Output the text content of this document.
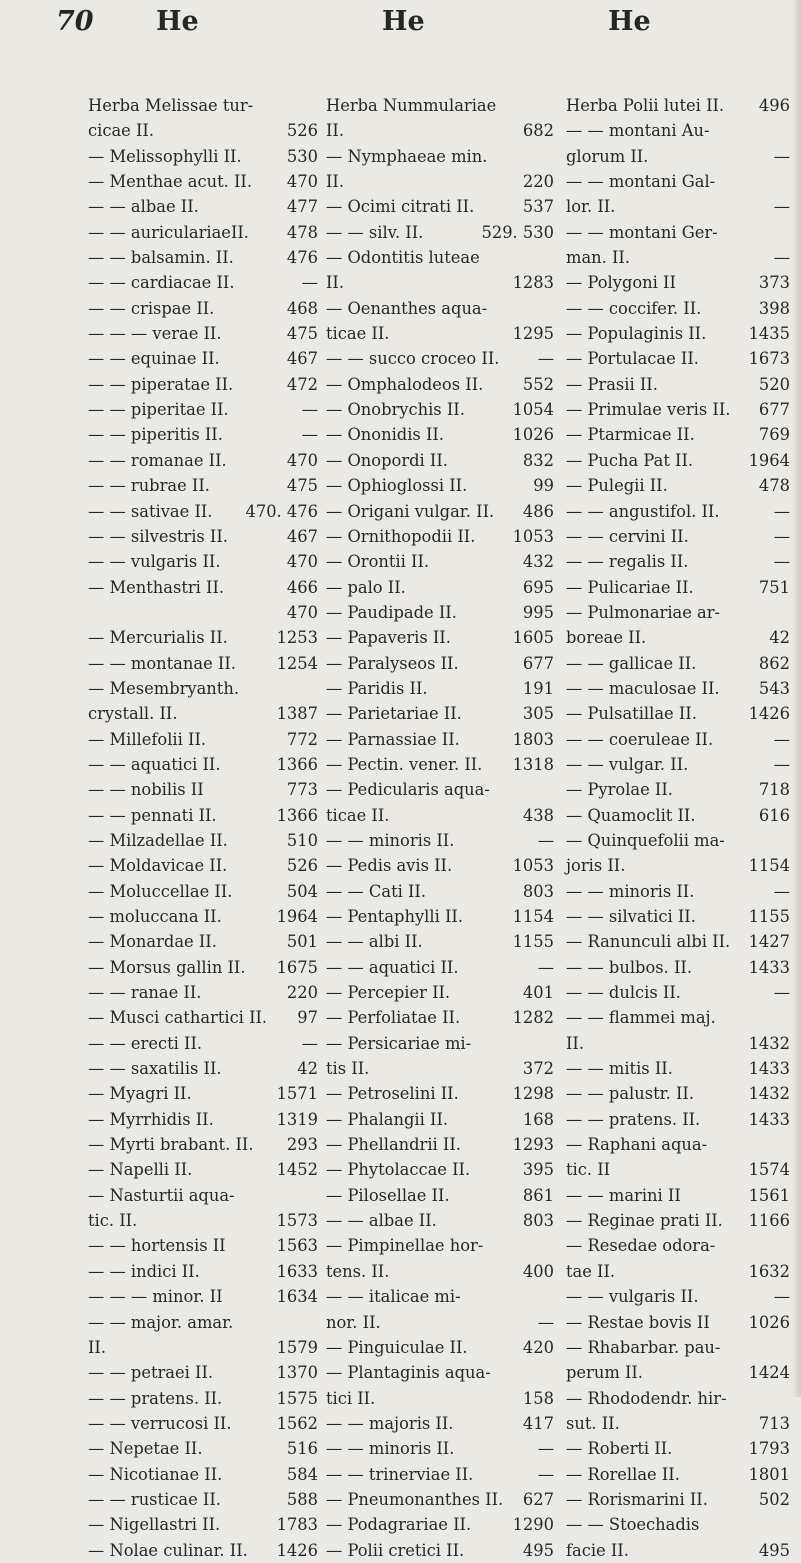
70 He	He	He
Herba Melissae tur-
cicae II.	526
— Melissophylli II.	530
— Menthae acut. II. 470
— — albae II.	477
— — auriculariaeII. 478
— — balsamin. II.	476
— — cardiacae II.	—
— — crispae II.	468
— — — verae II.	475
— — equinae II.	467
— — piperatae II.	472
— — piperitae II.	—
— — piperitis II.	—
— — romanae II.	470
— — rubrae II.	475
— — sativae II. 470. 476
— — silvestris II.	467
— — vulgaris II.	470
— Menthastri II.	466
470
— Mercurialis II.	1253
— — montanae II. 1254
— Mesembryanth.
crystall. II.	1387
— Millefolii II.	772
— — aquatici II.	1366
— — nobilis II	773
— — pennati II.	1366
— Milzadellae II.	510
— Moldavicae II.	526
— Moluccellae II.	504
— moluccana II.	1964
— Monardae II.	501
— Morsus gallin II. 1675
— — ranae II.	220
— Musci cathartici II. 97
— — erecti II.	—
— — saxatilis II.	42
— Myagri II.	1571
— Myrrhidis II.	1319
— Myrti brabant. II. 293
— Napelli II.	1452
— Nasturtii aqua-
tic. II.	1573
— — hortensis II	1563
— — indici II.	1633
— — — minor. II	1634
— — major. amar.
II.	1579
— — petraei II.	1370
— — pratens. II.	1575
— — verrucosi II.	1562
— Nepetae II.	516
— Nicotianae II.	584
— — rusticae II.	588
— Nigellastri II.	1783
— Nolae culinar. II. 1426
Herba Nummulariae
II.	682
— Nymphaeae min.
II.	220
— Ocimi citrati II.	537
— — silv. II.	529. 530
— Odontitis luteae
II.	1283
— Oenanthes aqua-
ticae II.	1295
— — succo croceo II. —
— Omphalodeos II. 552
— Onobrychis II.	1054
— Ononidis II.	1026
— Onopordi II.	832
— Ophioglossi II.	99
— Origani vulgar. II. 486
— Ornithopodii II. 1053
— Orontii II.	432
— palo II.	695
— Paudipade II.	995
— Papaveris II.	1605
— Paralyseos II.	677
— Paridis II.	191
— Parietariae II.	305
— Parnassiae II.	1803
— Pectin. vener. II. 1318
— Pedicularis aqua-
ticae II.	438
— — minoris II.	—
— Pedis avis II.	1053
— — Cati II.	803
— Pentaphylli II.	1154
— — albi II.	1155
— — aquatici II.	—
— Percepier II.	401
— Perfoliatae II.	1282
— Persicariae mi-
tis II.	372
— Petroselini II.	1298
— Phalangii II.	168
— Phellandrii II.	1293
— Phytolaccae II.	395
— Pilosellae II.	861
— — albae II.	803
— Pimpinellae hor-
tens. II.	400
— — italicae mi-
nor. II.	—
— Pinguiculae II.	420
— Plantaginis aqua-
tici II.	158
— — majoris II.	417
— — minoris II.	—
— — trinerviae II.	—
— Pneumonanthes II. 627
— Podagrariae II.	1290
— Polii cretici II.	495
Herba Polii lutei II. 496
— — montani Au-
glorum II.	—
— — montani Gal-
lor. II.	—
— — montani Ger-
man. II.	—
— Polygoni II	373
— — coccifer. II.	398
— Populaginis II.	1435
— Portulacae II.	1673
— Prasii II.	520
— Primulae veris II. 677
— Ptarmicae II.	769
— Pucha Pat II.	1964
— Pulegii II.	478
— — angustifol. II.	—
— — cervini II.	—
— — regalis II.	—
— Pulicariae II.	751
— Pulmonariae ar-
boreae II.	42
— — gallicae II.	862
— — maculosae II. 543
— Pulsatillae II.	1426
— — coeruleae II.	—
— — vulgar. II.	—
— Pyrolae II.	718
— Quamoclit II.	616
— Quinquefolii ma-
joris II.	1154
— — minoris II.	—
— — silvatici II.	1155
— Ranunculi albi II. 1427
— — bulbos. II.	1433
— — dulcis II.	—
— — flammei maj.
II.	1432
— — mitis II.	1433
— — palustr. II.	1432
— — pratens. II.	1433
— Raphani aqua-
tic. II	1574
— — marini II	1561
— Reginae prati II. 1166
— Resedae odora-
tae II.	1632
— — vulgaris II.	—
— Restae bovis II 1026
— Rhabarbar. pau-
perum II.	1424
— Rhododendr. hir-
sut. II.	713
— Roberti II.	1793
— Rorellae II.	1801
— Rorismarini II.	502
— — Stoechadis
facie II.	495
